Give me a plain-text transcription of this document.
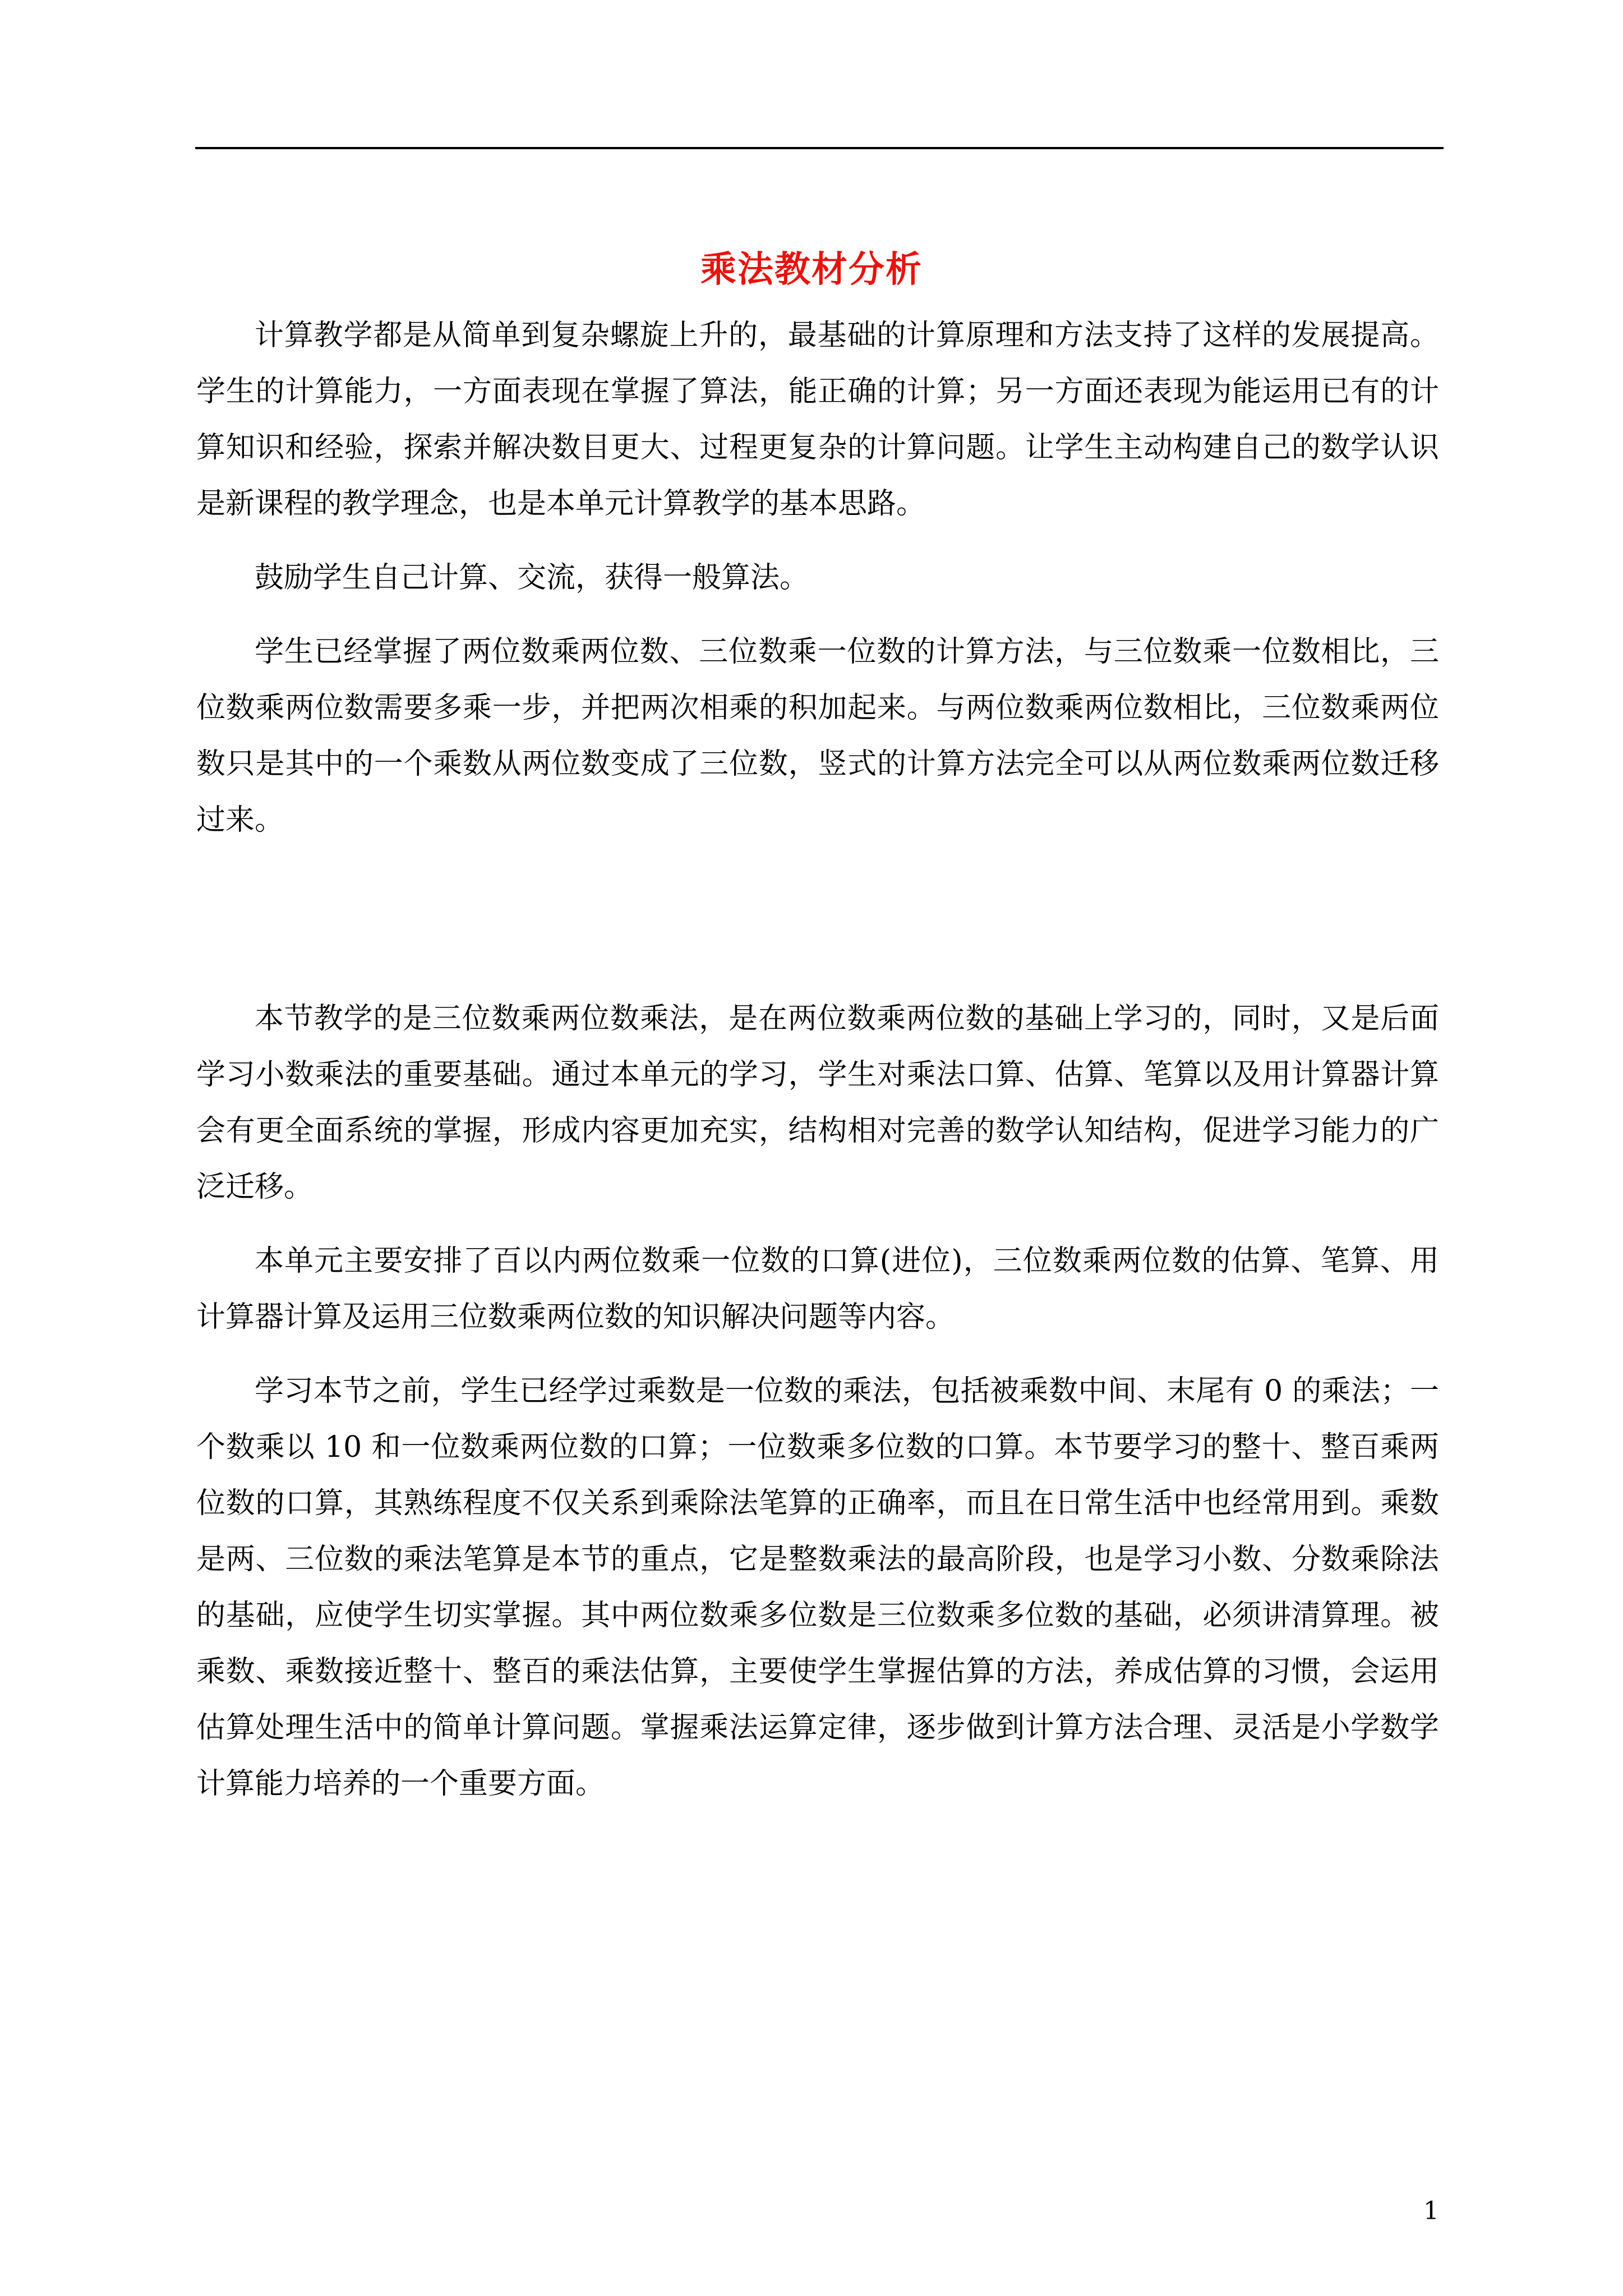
乘法教材分析

计算教学都是从简单到复杂螺旋上升的，最基础的计算原理和方法支持了这样的发展提高。学生的计算能力，一方面表现在掌握了算法，能正确的计算；另一方面还表现为能运用已有的计算知识和经验，探索并解决数目更大、过程更复杂的计算问题。让学生主动构建自己的数学认识是新课程的教学理念，也是本单元计算教学的基本思路。

鼓励学生自己计算、交流，获得一般算法。

学生已经掌握了两位数乘两位数、三位数乘一位数的计算方法，与三位数乘一位数相比，三位数乘两位数需要多乘一步，并把两次相乘的积加起来。与两位数乘两位数相比，三位数乘两位数只是其中的一个乘数从两位数变成了三位数，竖式的计算方法完全可以从两位数乘两位数迁移过来。

本节教学的是三位数乘两位数乘法，是在两位数乘两位数的基础上学习的，同时，又是后面学习小数乘法的重要基础。通过本单元的学习，学生对乘法口算、估算、笔算以及用计算器计算会有更全面系统的掌握，形成内容更加充实，结构相对完善的数学认知结构，促进学习能力的广泛迁移。

本单元主要安排了百以内两位数乘一位数的口算(进位)，三位数乘两位数的估算、笔算、用计算器计算及运用三位数乘两位数的知识解决问题等内容。

学习本节之前，学生已经学过乘数是一位数的乘法，包括被乘数中间、末尾有 0 的乘法；一个数乘以 10 和一位数乘两位数的口算；一位数乘多位数的口算。本节要学习的整十、整百乘两位数的口算，其熟练程度不仅关系到乘除法笔算的正确率，而且在日常生活中也经常用到。乘数是两、三位数的乘法笔算是本节的重点，它是整数乘法的最高阶段，也是学习小数、分数乘除法的基础，应使学生切实掌握。其中两位数乘多位数是三位数乘多位数的基础，必须讲清算理。被乘数、乘数接近整十、整百的乘法估算，主要使学生掌握估算的方法，养成估算的习惯，会运用估算处理生活中的简单计算问题。掌握乘法运算定律，逐步做到计算方法合理、灵活是小学数学计算能力培养的一个重要方面。

1
